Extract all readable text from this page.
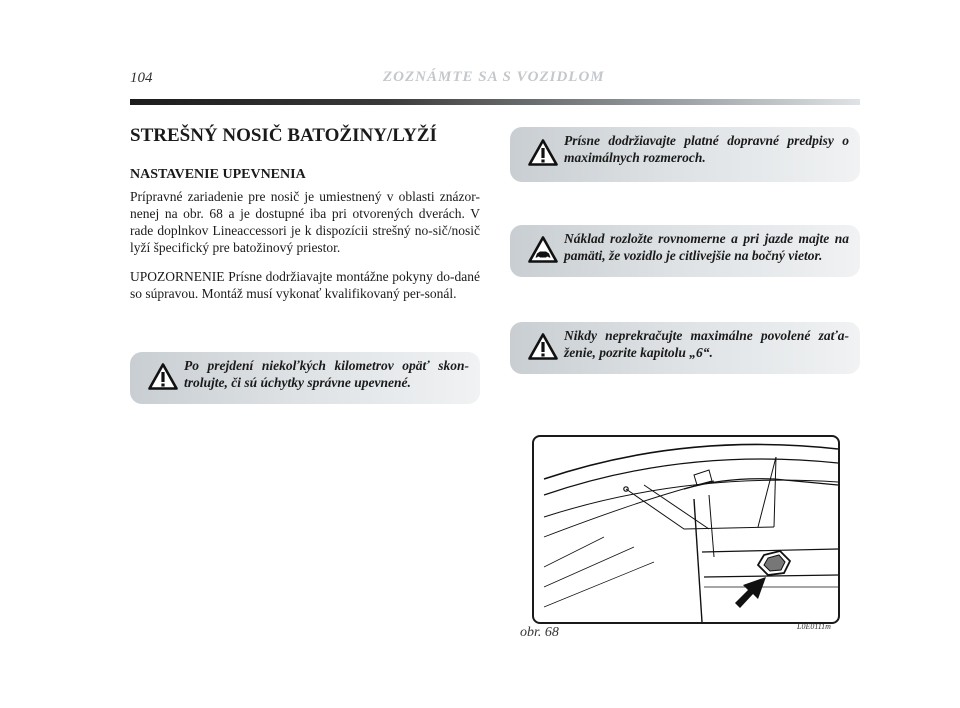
104	ZOZNÁMTE SA S VOZIDLOM
STREŠNÝ NOSIČ BATOŽINY/LYŽÍ
NASTAVENIE UPEVNENIA

Prípravné zariadenie pre nosič je umiestnený v oblasti znázor-nenej na obr. 68 a je dostupné iba pri otvorených dverách. V rade doplnkov Lineaccessori je k dispozícii strešný no-sič/nosič lyží špecifický pre batožinový priestor.

UPOZORNENIE Prísne dodržiavajte montážne pokyny do-dané so súpravou. Montáž musí vykonať kvalifikovaný per-sonál.

Prísne dodržiavajte platné dopravné predpisy o maximálnych rozmeroch.
Náklad rozložte rovnomerne a pri jazde majte na pamäti, že vozidlo je citlivejšie na bočný vietor.
Nikdy neprekračujte maximálne povolené zaťa-ženie, pozrite kapitolu „6“.
Po prejdení niekoľkých kilometrov opäť skon-trolujte, či sú úchytky správne upevnené.
obr. 68	L0E0111m
